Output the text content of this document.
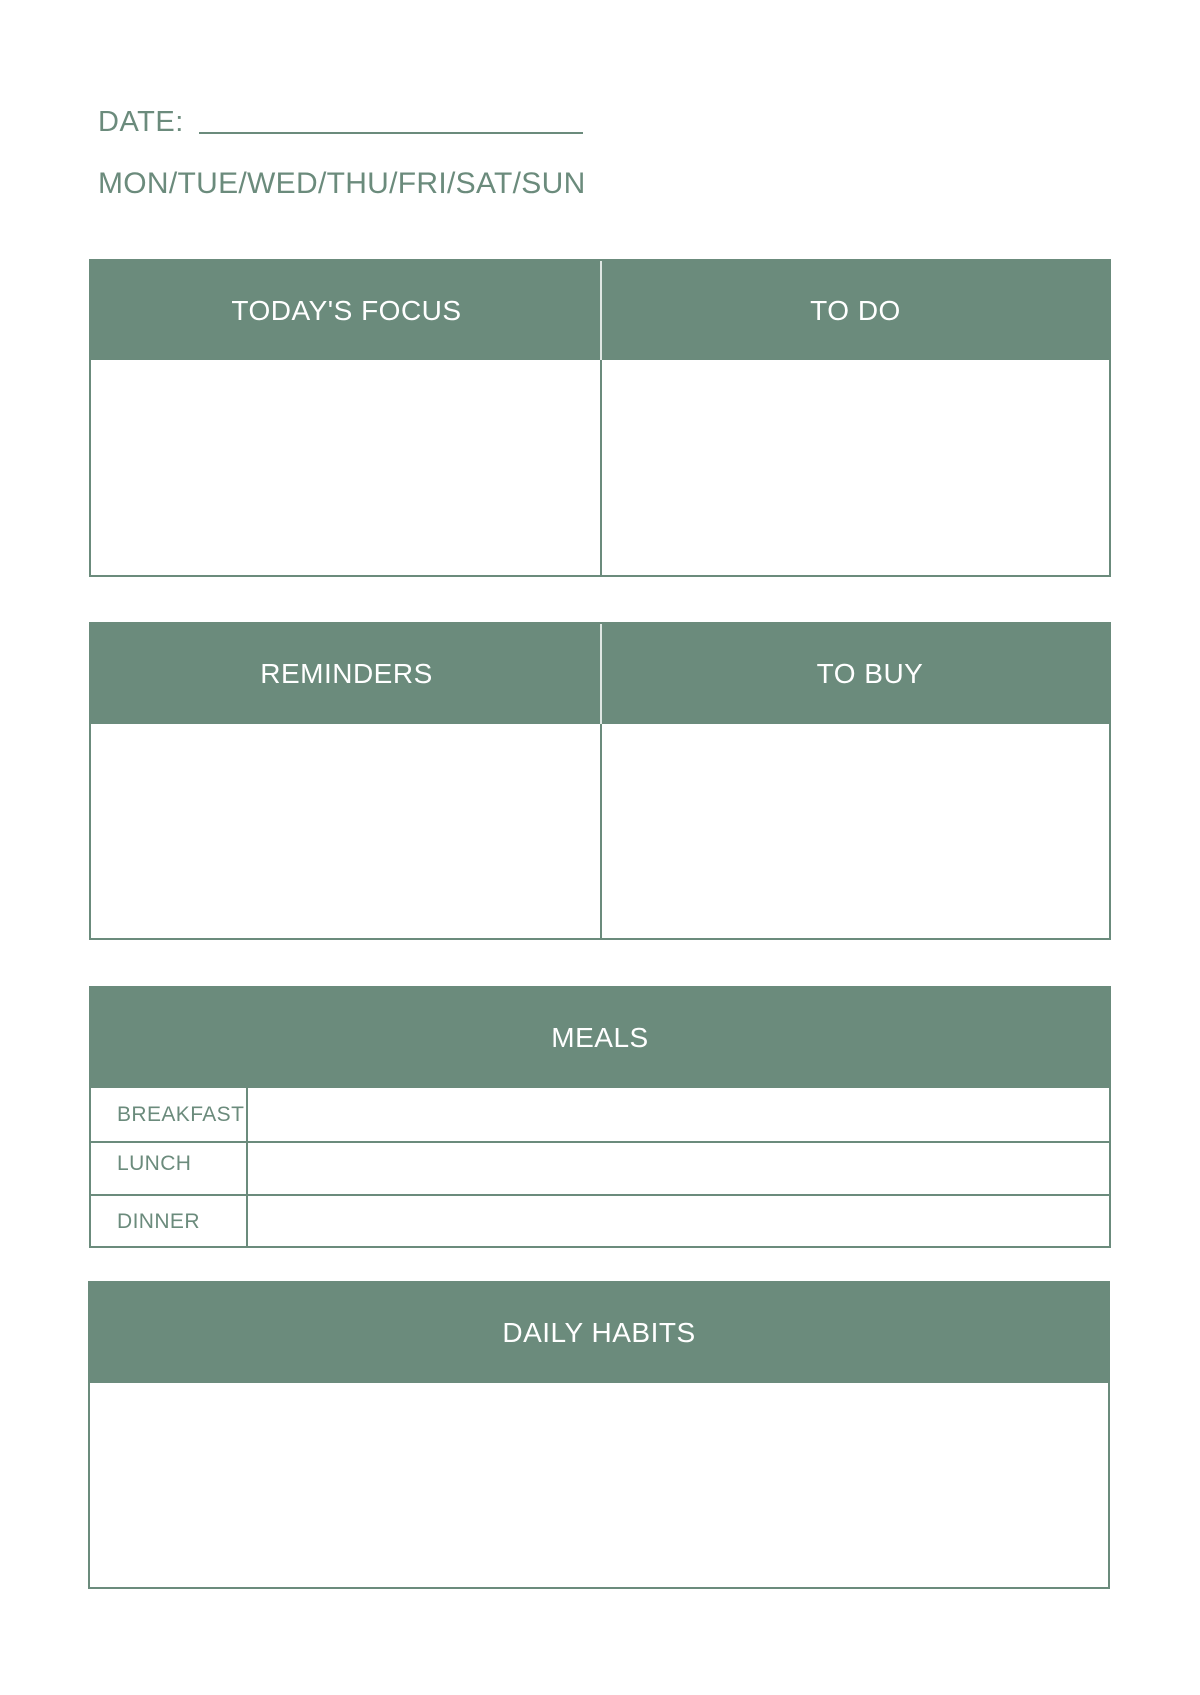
DATE:
MON/TUE/WED/THU/FRI/SAT/SUN
TODAY'S FOCUS	TO DO
REMINDERS	TO BUY
MEALS
BREAKFAST
LUNCH
DINNER
DAILY HABITS
